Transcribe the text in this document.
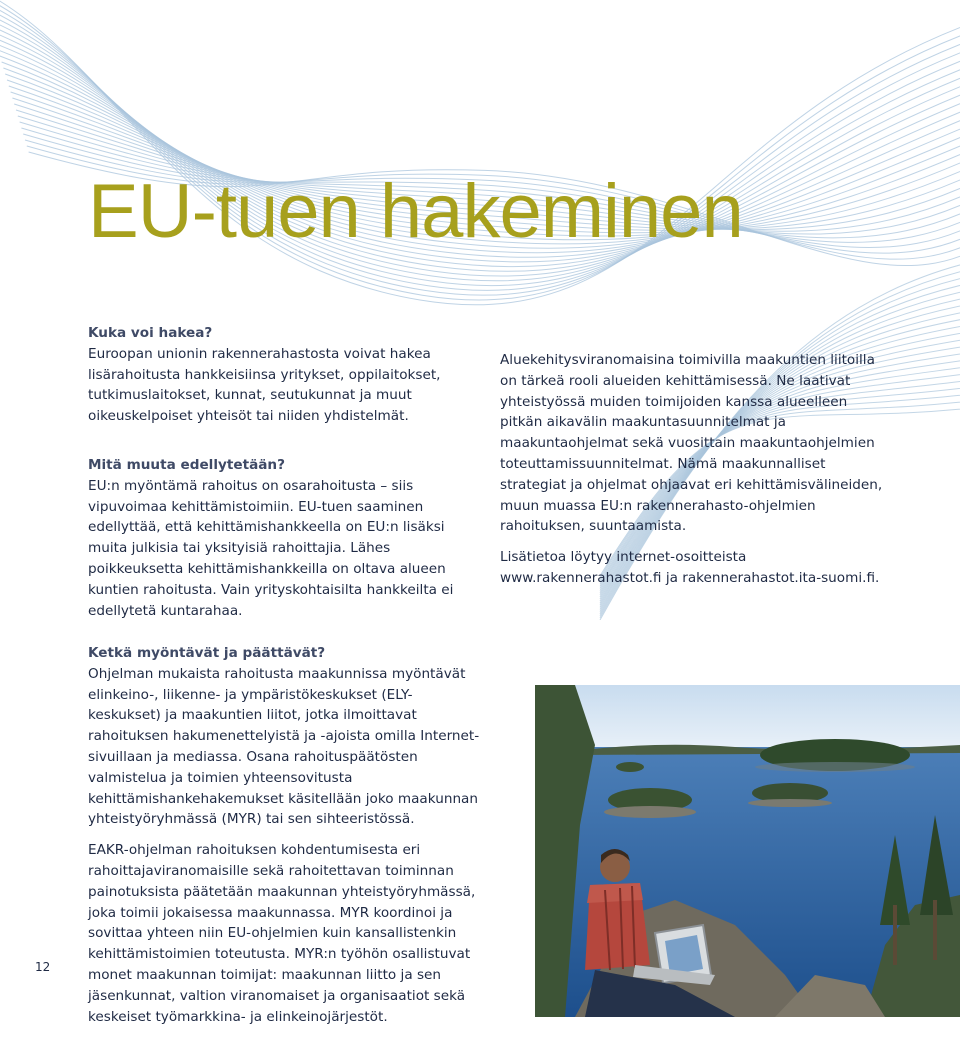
EU-tuen hakeminen
Kuka voi hakea?

Euroopan unionin rakennerahastosta voivat hakea lisärahoitusta hankkeisiinsa yritykset, oppilaitokset, tutkimuslaitokset, kunnat, seutukunnat ja muut oikeuskelpoiset yhteisöt tai niiden yhdistelmät.

Mitä muuta edellytetään?

EU:n myöntämä rahoitus on osarahoitusta – siis vipuvoimaa kehittämistoimiin. EU-tuen saaminen edellyttää, että kehittämishankkeella on EU:n lisäksi muita julkisia tai yksityisiä rahoittajia. Lähes poikkeuksetta kehittämishankkeilla on oltava alueen kuntien rahoitusta. Vain yrityskohtaisilta hankkeilta ei edellytetä kuntarahaa.

Aluekehitysviranomaisina toimivilla maakuntien liitoilla on tärkeä rooli alueiden kehittämisessä. Ne laativat yhteistyössä muiden toimijoiden kanssa alueelleen pitkän aikavälin maakuntasuunnitelmat ja maakuntaohjelmat sekä vuosittain maakuntaohjelmien toteuttamissuunnitelmat. Nämä maakunnalliset strategiat ja ohjelmat ohjaavat eri kehittämisvälineiden, muun muassa EU:n rakennerahasto-ohjelmien rahoituksen, suuntaamista.

Lisätietoa löytyy internet-osoitteista www.rakennerahastot.fi ja rakennerahastot.ita-suomi.fi.

Ketkä myöntävät ja päättävät?

Ohjelman mukaista rahoitusta maakunnissa myöntävät elinkeino-, liikenne- ja ympäristökeskukset (ELY-keskukset) ja maakuntien liitot, jotka ilmoittavat rahoituksen hakumenettelyistä ja -ajoista omilla Internet-sivuillaan ja mediassa. Osana rahoituspäätösten valmistelua ja toimien yhteensovitusta kehittämishankehakemukset käsitellään joko maakunnan yhteistyöryhmässä (MYR) tai sen sihteeristössä.

EAKR-ohjelman rahoituksen kohdentumisesta eri rahoittajaviranomaisille sekä rahoitettavan toiminnan painotuksista päätetään maakunnan yhteistyöryhmässä, joka toimii jokaisessa maakunnassa. MYR koordinoi ja sovittaa yhteen niin EU-ohjelmien kuin kansallistenkin kehittämistoimien toteutusta. MYR:n työhön osallistuvat monet maakunnan toimijat: maakunnan liitto ja sen jäsenkunnat, valtion viranomaiset ja organisaatiot sekä keskeiset työmarkkina- ja elinkeinojärjestöt.

12
